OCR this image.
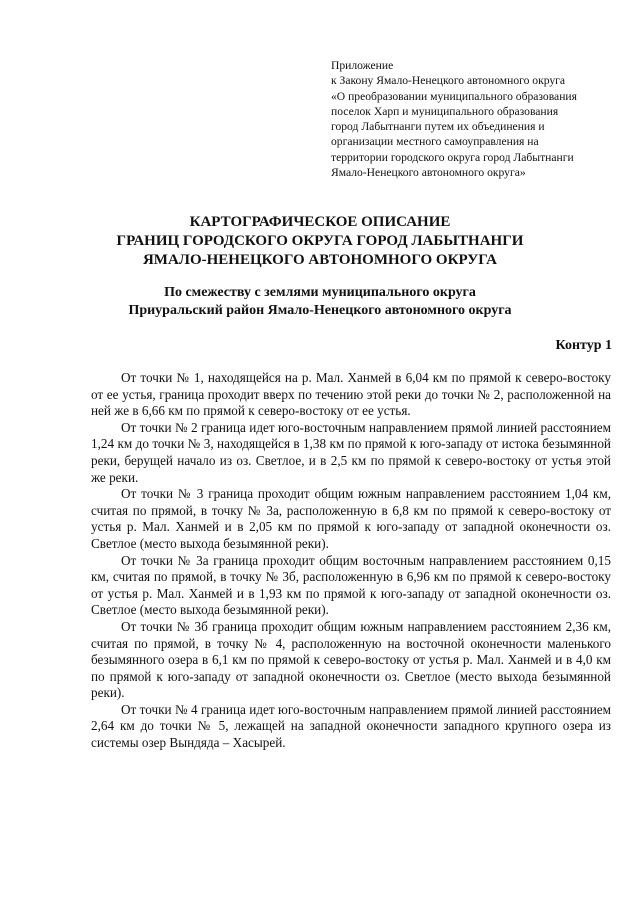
Приложение
к Закону Ямало-Ненецкого автономного округа
«О преобразовании муниципального образования
поселок Харп и муниципального образования
город Лабытнанги путем их объединения и
организации местного самоуправления на
территории городского округа город Лабытнанги
Ямало-Ненецкого автономного округа»
КАРТОГРАФИЧЕСКОЕ ОПИСАНИЕ
ГРАНИЦ ГОРОДСКОГО ОКРУГА ГОРОД ЛАБЫТНАНГИ
ЯМАЛО-НЕНЕЦКОГО АВТОНОМНОГО ОКРУГА
По смежеству с землями муниципального округа
Приуральский район Ямало-Ненецкого автономного округа
Контур 1

От точки № 1, находящейся на р. Мал. Ханмей в 6,04 км по прямой к северо-востоку от ее устья, граница проходит вверх по течению этой реки до точки № 2, расположенной на ней же в 6,66 км по прямой к северо-востоку от ее устья.

От точки № 2 граница идет юго-восточным направлением прямой линией расстоянием 1,24 км до точки № 3, находящейся в 1,38 км по прямой к юго-западу от истока безымянной реки, берущей начало из оз. Светлое, и в 2,5 км по прямой к северо-востоку от устья этой же реки.

От точки № 3 граница проходит общим южным направлением расстоянием 1,04 км, считая по прямой, в точку № 3а, расположенную в 6,8 км по прямой к северо-востоку от устья р. Мал. Ханмей и в 2,05 км по прямой к юго-западу от западной оконечности оз. Светлое (место выхода безымянной реки).

От точки № 3а граница проходит общим восточным направлением расстоянием 0,15 км, считая по прямой, в точку № 3б, расположенную в 6,96 км по прямой к северо-востоку от устья р. Мал. Ханмей и в 1,93 км по прямой к юго-западу от западной оконечности оз. Светлое (место выхода безымянной реки).

От точки № 3б граница проходит общим южным направлением расстоянием 2,36 км, считая по прямой, в точку № 4, расположенную на восточной оконечности маленького безымянного озера в 6,1 км по прямой к северо-востоку от устья р. Мал. Ханмей и в 4,0 км по прямой к юго-западу от западной оконечности оз. Светлое (место выхода безымянной реки).

От точки № 4 граница идет юго-восточным направлением прямой линией расстоянием 2,64 км до точки № 5, лежащей на западной оконечности западного крупного озера из системы озер Вындяда – Хасырей.
